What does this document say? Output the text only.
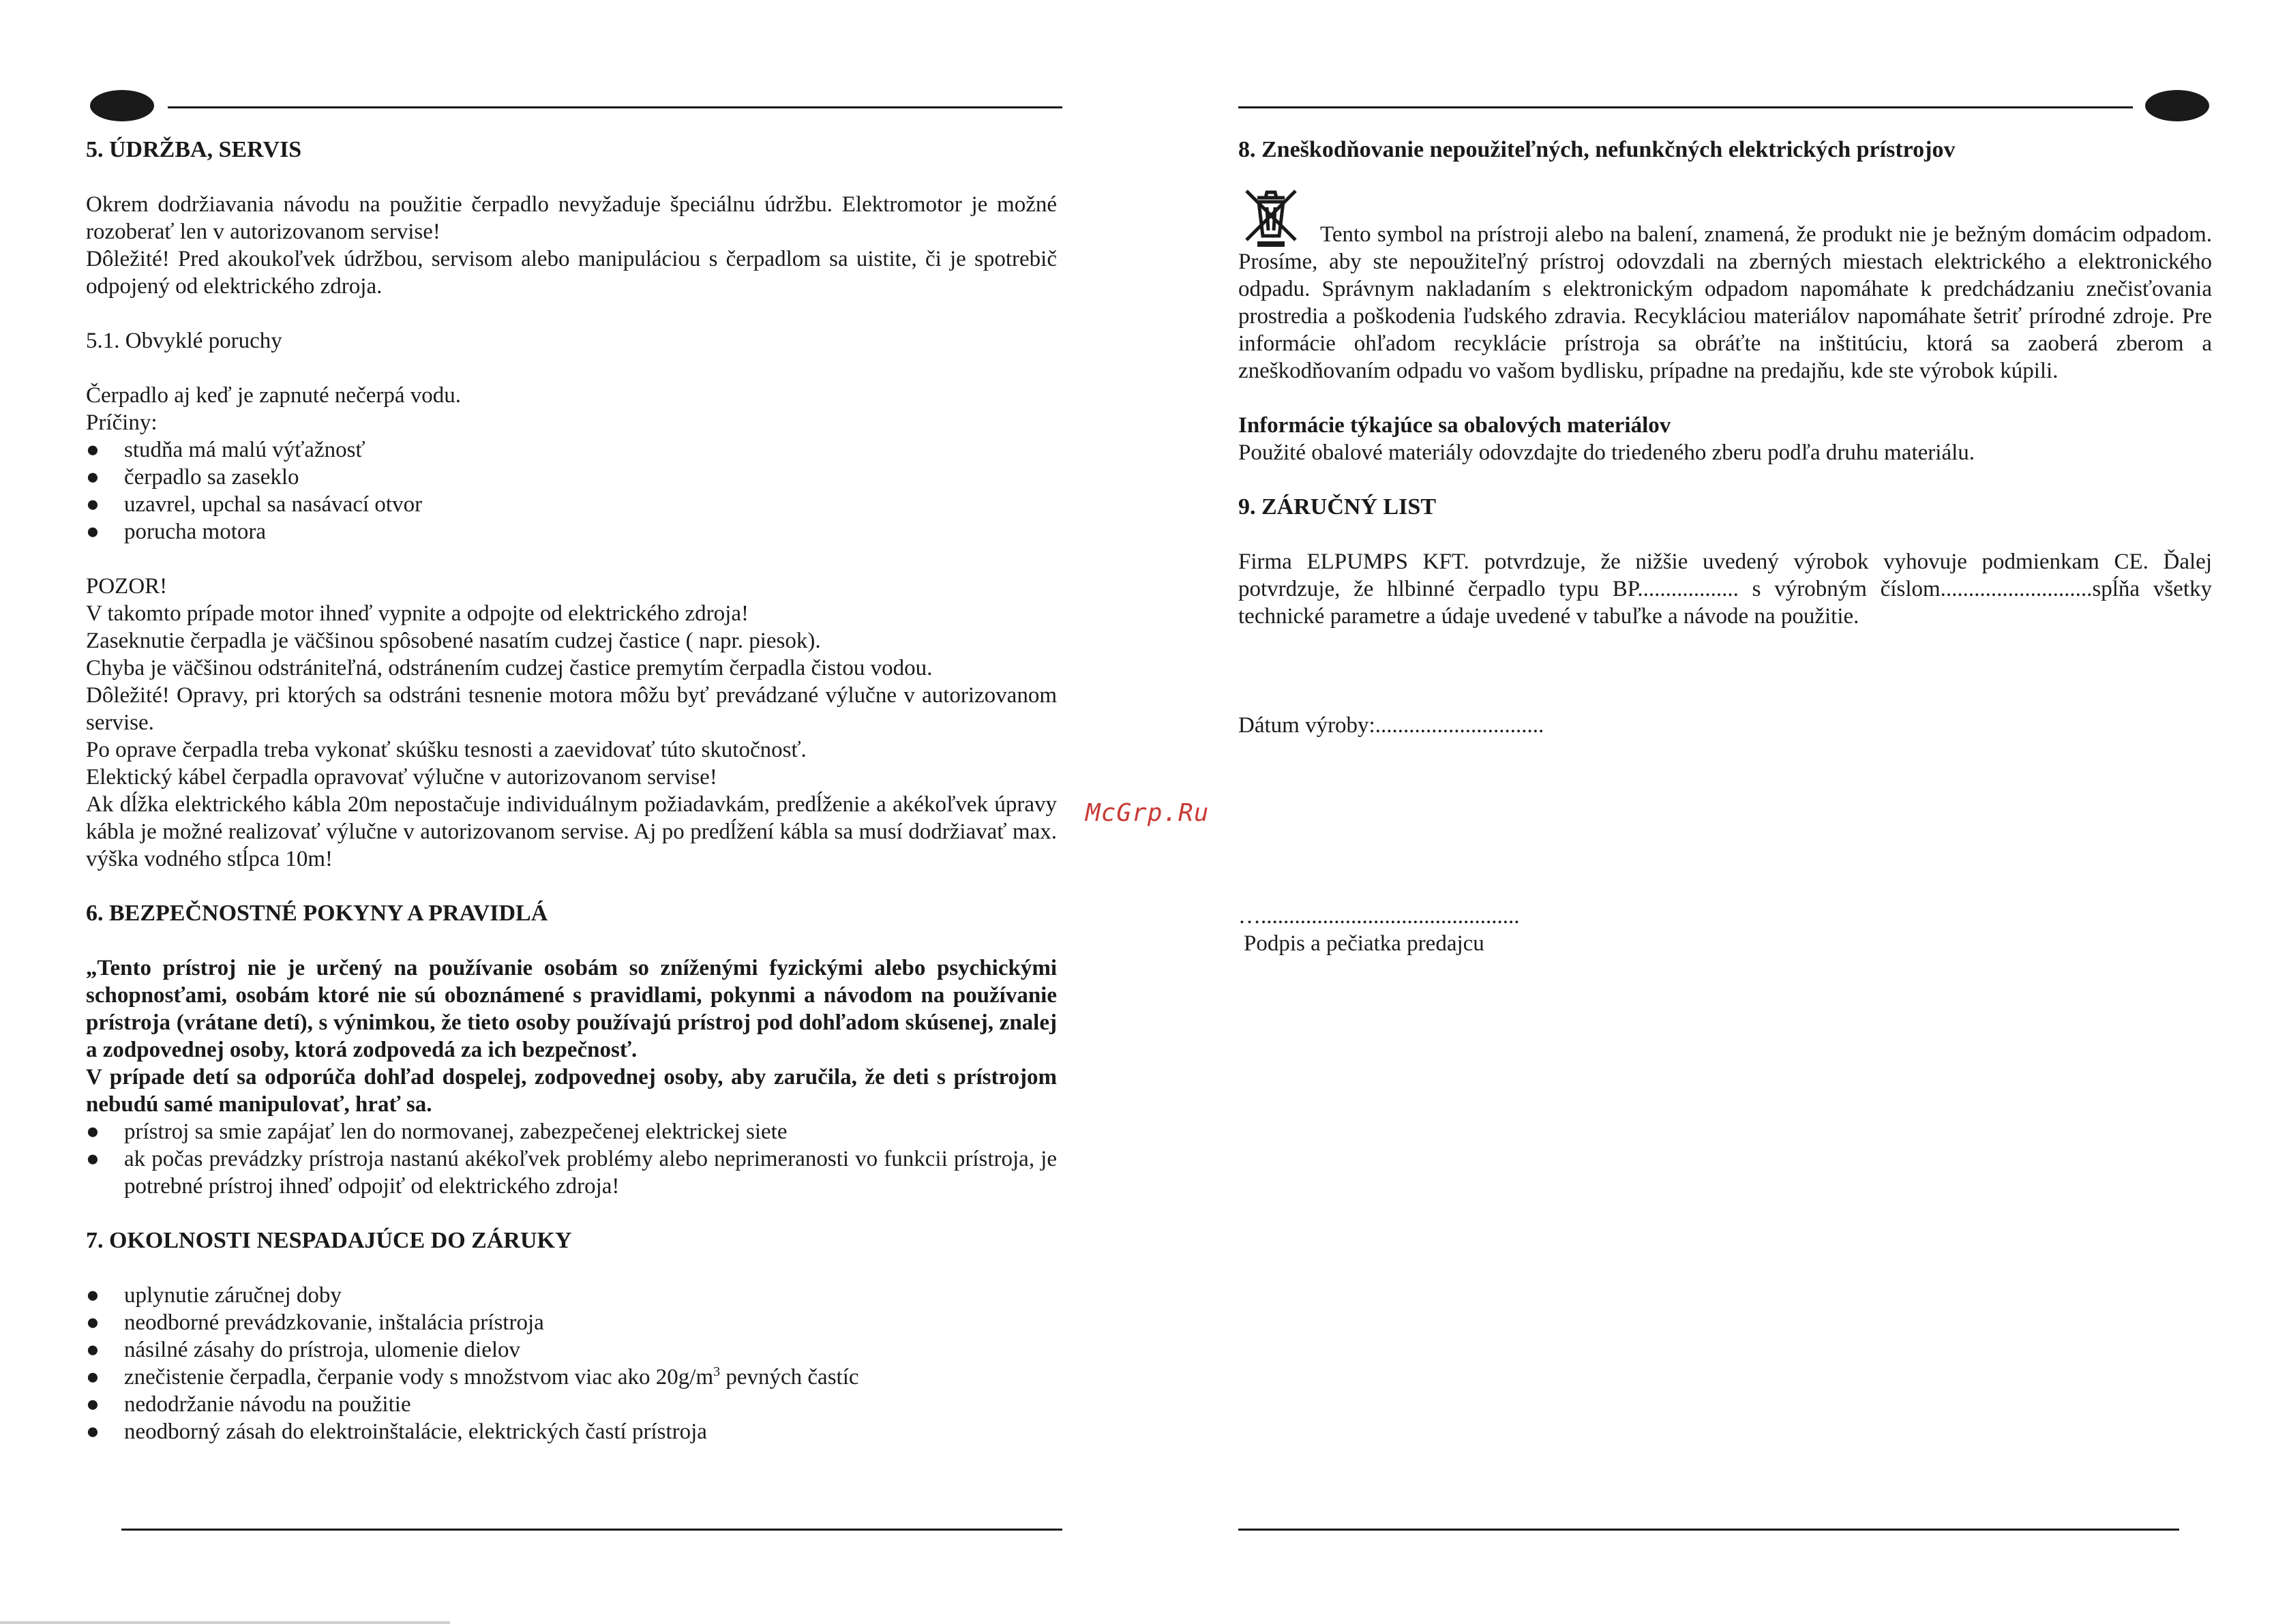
5. ÚDRŽBA, SERVIS

Okrem dodržiavania návodu na použitie čerpadlo nevyžaduje špeciálnu údržbu. Elektromotor je možné rozoberať len v autorizovanom servise!

Dôležité! Pred akoukoľvek údržbou, servisom alebo manipuláciou s čerpadlom sa uistite, či je spotrebič odpojený od elektrického zdroja.

5.1. Obvyklé poruchy

Čerpadlo aj keď je zapnuté nečerpá vodu.

Príčiny:

●	studňa má malú výťažnosť
●	čerpadlo sa zaseklo
●	uzavrel, upchal sa nasávací otvor
●	porucha motora

POZOR!

V takomto prípade motor ihneď vypnite a odpojte od elektrického zdroja!

Zaseknutie čerpadla je väčšinou spôsobené nasatím cudzej častice ( napr. piesok).

Chyba je väčšinou odstrániteľná, odstránením cudzej častice premytím čerpadla čistou vodou.

Dôležité! Opravy, pri ktorých sa odstráni tesnenie motora môžu byť prevádzané výlučne v autorizovanom servise.

Po oprave čerpadla treba vykonať skúšku tesnosti a zaevidovať túto skutočnosť.

Elektický kábel čerpadla opravovať výlučne v autorizovanom servise!

Ak dĺžka elektrického kábla 20m nepostačuje individuálnym požiadavkám, predĺženie a akékoľvek úpravy kábla je možné realizovať výlučne v autorizovanom servise. Aj po predĺžení kábla sa musí dodržiavať max. výška vodného stĺpca 10m!

6. BEZPEČNOSTNÉ POKYNY A PRAVIDLÁ

„Tento prístroj nie je určený na používanie osobám so zníženými fyzickými alebo psychickými schopnosťami, osobám ktoré nie sú oboznámené s pravidlami, pokynmi a návodom na používanie prístroja (vrátane detí), s výnimkou, že tieto osoby používajú prístroj pod dohľadom skúsenej, znalej a zodpovednej osoby, ktorá zodpovedá za ich bezpečnosť.

V prípade detí sa odporúča dohľad dospelej, zodpovednej osoby, aby zaručila, že deti s prístrojom nebudú samé manipulovať, hrať sa.

●	prístroj sa smie zapájať len do normovanej, zabezpečenej elektrickej siete
●	ak počas prevádzky prístroja nastanú akékoľvek problémy alebo neprimeranosti vo funkcii prístroja, je potrebné prístroj ihneď odpojiť od elektrického zdroja!
7. OKOLNOSTI NESPADAJÚCE DO ZÁRUKY
●	uplynutie záručnej doby
●	neodborné prevádzkovanie, inštalácia prístroja
●	násilné zásahy do prístroja, ulomenie dielov
●	znečistenie čerpadla, čerpanie vody s množstvom viac ako $20g/m^3$ pevných častíc
●	nedodržanie návodu na použitie
●	neodborný zásah do elektroinštalácie, elektrických častí prístroja
McGrp.Ru
8. Zneškodňovanie nepoužiteľných, nefunkčných elektrických prístrojov

Tento symbol na prístroji alebo na balení, znamená, že produkt nie je bežným domácim odpadom. Prosíme, aby ste nepoužiteľný prístroj odovzdali na zberných miestach elektrického a elektronického odpadu. Správnym nakladaním s elektronickým odpadom napomáhate k predchádzaniu znečisťovania prostredia a poškodenia ľudského zdravia. Recykláciou materiálov napomáhate šetriť prírodné zdroje. Pre informácie ohľadom recyklácie prístroja sa obráťte na inštitúciu, ktorá sa zaoberá zberom a zneškodňovaním odpadu vo vašom bydlisku, prípadne na predajňu, kde ste výrobok kúpili.

Informácie týkajúce sa obalových materiálov

Použité obalové materiály odovzdajte do triedeného zberu podľa druhu materiálu.

9. ZÁRUČNÝ LIST

Firma ELPUMPS KFT. potvrdzuje, že nižšie uvedený výrobok vyhovuje podmienkam CE. Ďalej potvrdzuje, že hlbinné čerpadlo typu BP.................. s výrobným číslom...........................spĺňa všetky technické parametre a údaje uvedené v tabuľke a návode na použitie.

Dátum výroby:..............................

…..............................................

Podpis a pečiatka predajcu
